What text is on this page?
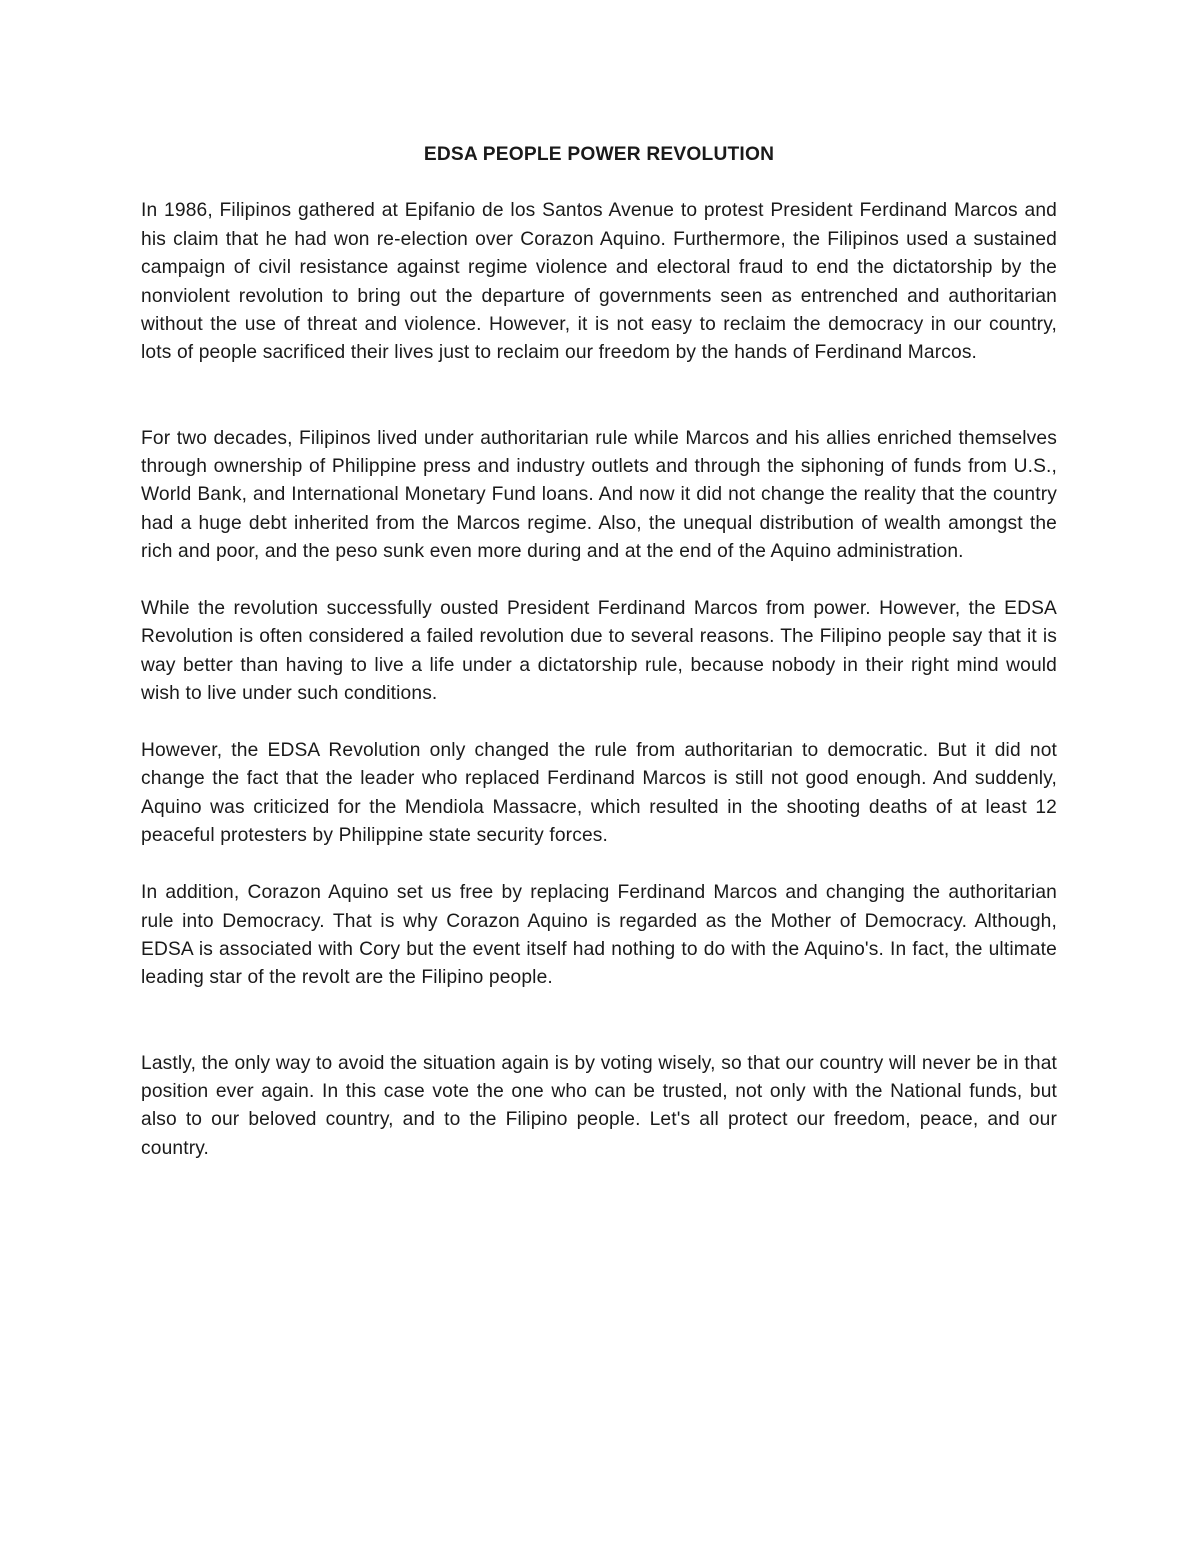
EDSA PEOPLE POWER REVOLUTION

In 1986, Filipinos gathered at Epifanio de los Santos Avenue to protest President Ferdinand Marcos and his claim that he had won re-election over Corazon Aquino. Furthermore, the Filipinos used a sustained campaign of civil resistance against regime violence and electoral fraud to end the dictatorship by the nonviolent revolution to bring out the departure of governments seen as entrenched and authoritarian without the use of threat and violence. However, it is not easy to reclaim the democracy in our country, lots of people sacrificed their lives just to reclaim our freedom by the hands of Ferdinand Marcos.

For two decades, Filipinos lived under authoritarian rule while Marcos and his allies enriched themselves through ownership of Philippine press and industry outlets and through the siphoning of funds from U.S., World Bank, and International Monetary Fund loans. And now it did not change the reality that the country had a huge debt inherited from the Marcos regime. Also, the unequal distribution of wealth amongst the rich and poor, and the peso sunk even more during and at the end of the Aquino administration.

While the revolution successfully ousted President Ferdinand Marcos from power. However, the EDSA Revolution is often considered a failed revolution due to several reasons. The Filipino people say that it is way better than having to live a life under a dictatorship rule, because nobody in their right mind would wish to live under such conditions.

However, the EDSA Revolution only changed the rule from authoritarian to democratic. But it did not change the fact that the leader who replaced Ferdinand Marcos is still not good enough. And suddenly, Aquino was criticized for the Mendiola Massacre, which resulted in the shooting deaths of at least 12 peaceful protesters by Philippine state security forces.

In addition, Corazon Aquino set us free by replacing Ferdinand Marcos and changing the authoritarian rule into Democracy. That is why Corazon Aquino is regarded as the Mother of Democracy. Although, EDSA is associated with Cory but the event itself had nothing to do with the Aquino's. In fact, the ultimate leading star of the revolt are the Filipino people.

Lastly, the only way to avoid the situation again is by voting wisely, so that our country will never be in that position ever again. In this case vote the one who can be trusted, not only with the National funds, but also to our beloved country, and to the Filipino people. Let's all protect our freedom, peace, and our country.
